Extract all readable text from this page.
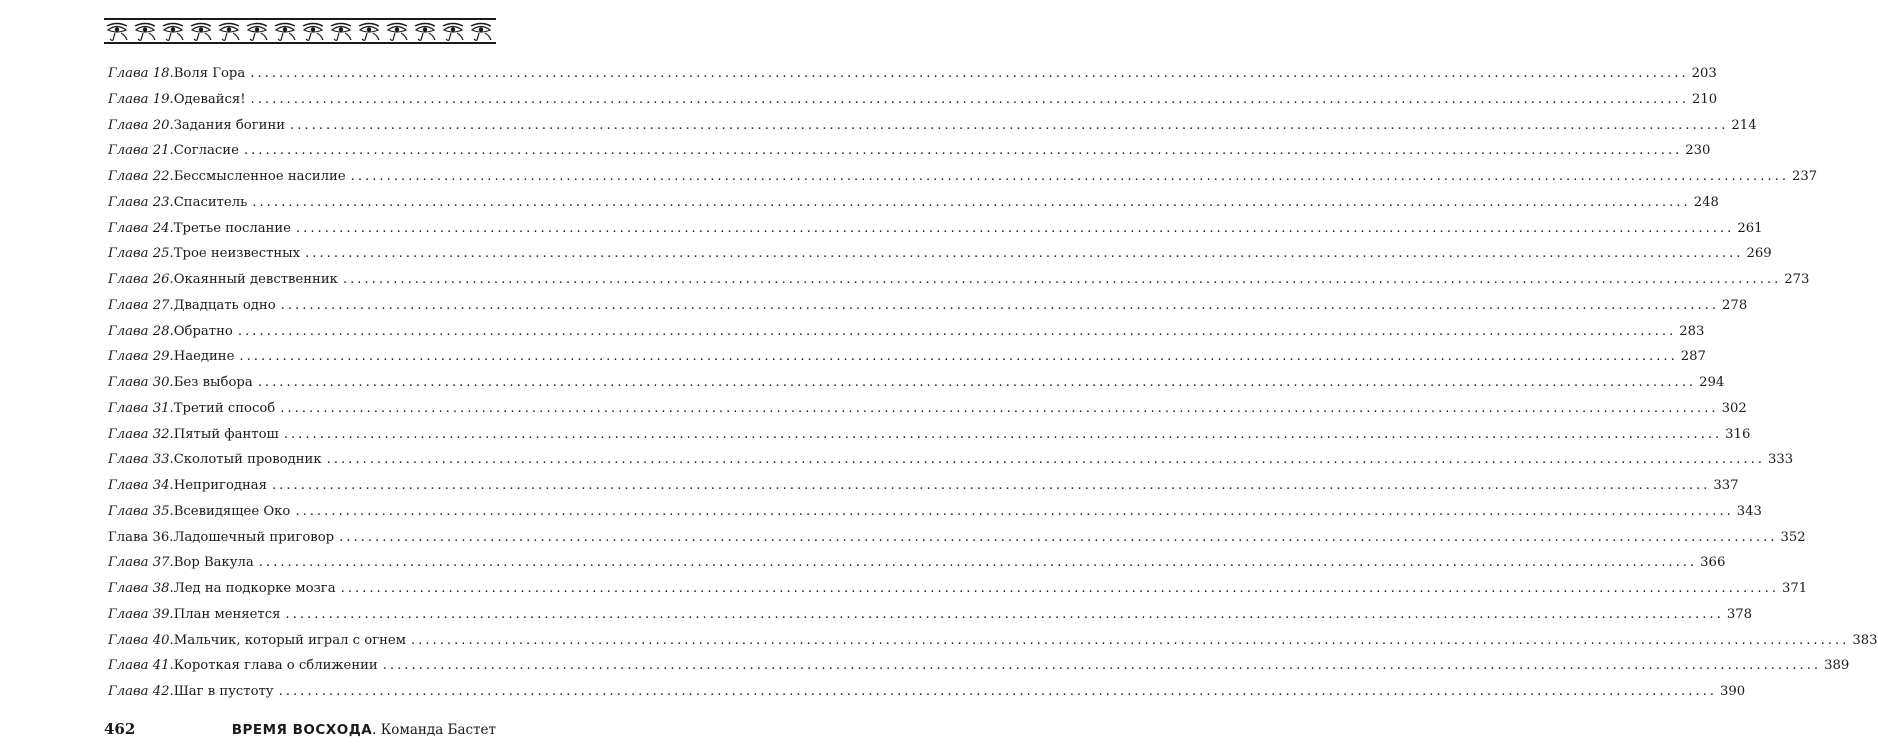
Глава 18 . Воля Гора ........................................................................................................................................................................................................ 203
Глава 19 . Одевайся! ........................................................................................................................................................................................................ 210
Глава 20 . Задания богини ........................................................................................................................................................................................................ 214
Глава 21 . Согласие ........................................................................................................................................................................................................ 230
Глава 22 . Бессмысленное насилие ........................................................................................................................................................................................................ 237
Глава 23 . Спаситель ........................................................................................................................................................................................................ 248
Глава 24 . Третье послание ........................................................................................................................................................................................................ 261
Глава 25 . Трое неизвестных ........................................................................................................................................................................................................ 269
Глава 26 . Окаянный девственник ........................................................................................................................................................................................................ 273
Глава 27 . Двадцать одно ........................................................................................................................................................................................................ 278
Глава 28 . Обратно ........................................................................................................................................................................................................ 283
Глава 29 . Наедине ........................................................................................................................................................................................................ 287
Глава 30 . Без выбора ........................................................................................................................................................................................................ 294
Глава 31 . Третий способ ........................................................................................................................................................................................................ 302
Глава 32 . Пятый фантош ........................................................................................................................................................................................................ 316
Глава 33 . Сколотый проводник ........................................................................................................................................................................................................ 333
Глава 34 . Непригодная ........................................................................................................................................................................................................ 337
Глава 35 . Всевидящее Око ........................................................................................................................................................................................................ 343
Глава 36 . Ладошечный приговор ........................................................................................................................................................................................................ 352
Глава 37 . Вор Вакула ........................................................................................................................................................................................................ 366
Глава 38 . Лед на подкорке мозга ........................................................................................................................................................................................................ 371
Глава 39 . План меняется ........................................................................................................................................................................................................ 378
Глава 40 . Мальчик, который играл с огнем ........................................................................................................................................................................................................ 383
Глава 41 . Короткая глава о сближении ........................................................................................................................................................................................................ 389
Глава 42 . Шаг в пустоту ........................................................................................................................................................................................................ 390
462	ВРЕМЯ ВОСХОДА. Команда Бастет
